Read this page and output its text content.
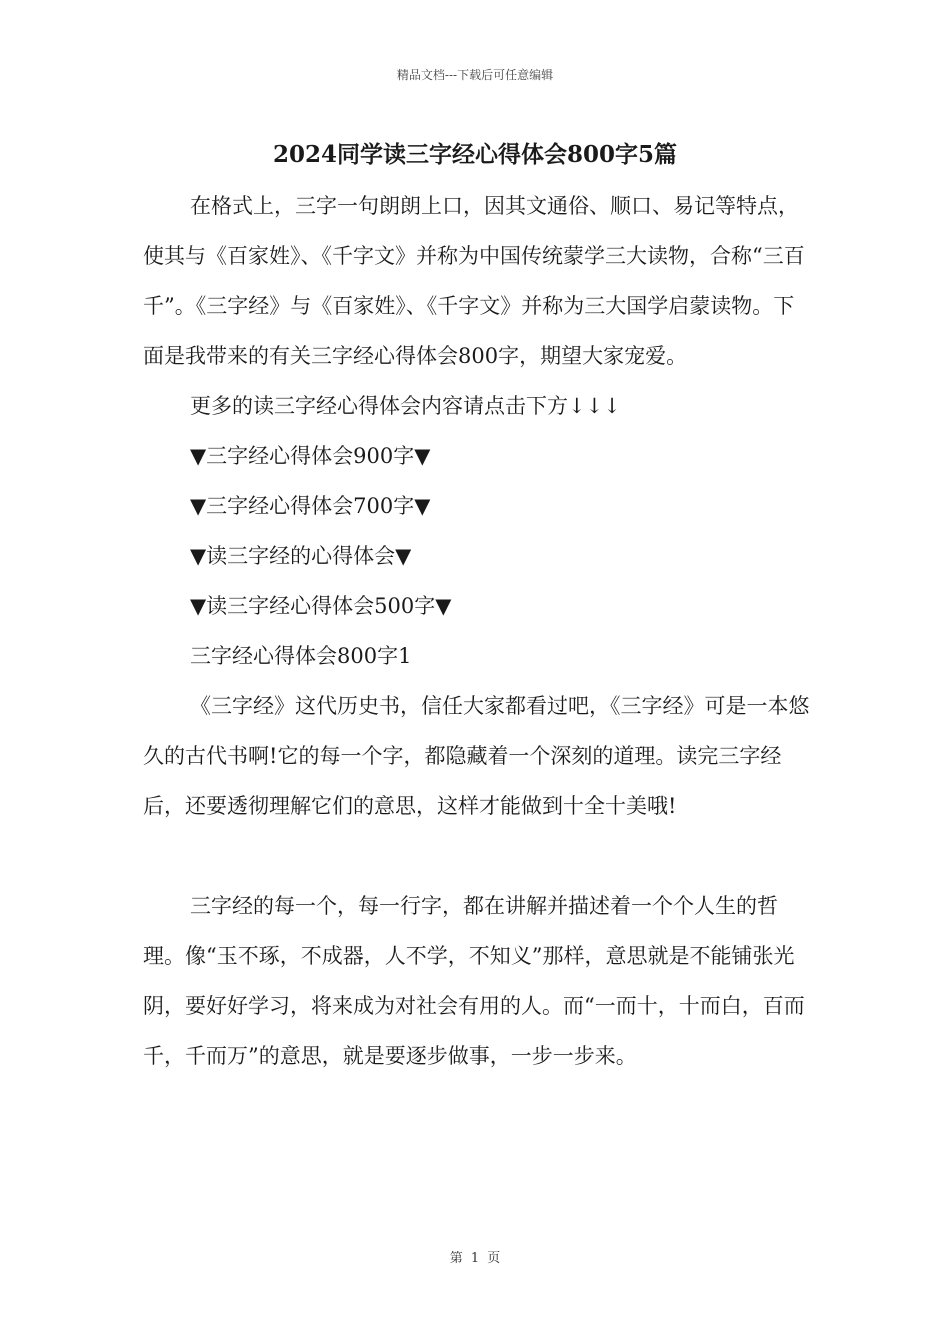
精品文档---下载后可任意编辑
2024同学读三字经心得体会800字5篇

在格式上，三字一句朗朗上口，因其文通俗、顺口、易记等特点，使其与《百家姓》、《千字文》并称为中国传统蒙学三大读物，合称“三百千”。《三字经》与《百家姓》、《千字文》并称为三大国学启蒙读物。下面是我带来的有关三字经心得体会800字，期望大家宠爱。

更多的读三字经心得体会内容请点击下方↓↓↓

▼三字经心得体会900字▼

▼三字经心得体会700字▼

▼读三字经的心得体会▼

▼读三字经心得体会500字▼

三字经心得体会800字1

《三字经》这代历史书，信任大家都看过吧，《三字经》可是一本悠久的古代书啊!它的每一个字，都隐藏着一个深刻的道理。读完三字经后，还要透彻理解它们的意思，这样才能做到十全十美哦!

三字经的每一个，每一行字，都在讲解并描述着一个个人生的哲理。像“玉不琢，不成器，人不学，不知义”那样，意思就是不能铺张光阴，要好好学习，将来成为对社会有用的人。而“一而十，十而白，百而千，千而万”的意思，就是要逐步做事，一步一步来。

第 1 页
